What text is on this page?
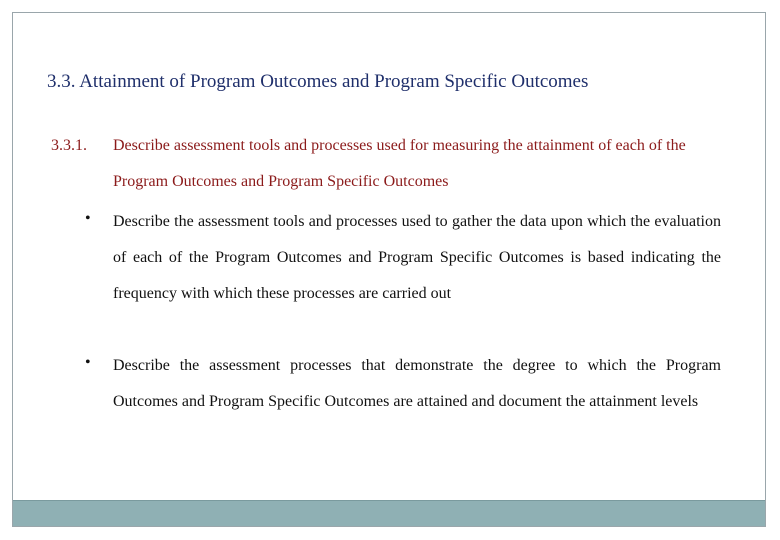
3.3. Attainment of Program Outcomes and Program Specific Outcomes
3.3.1. Describe assessment tools and processes used for measuring the attainment of each of the Program Outcomes and Program Specific Outcomes
• Describe the assessment tools and processes used to gather the data upon which the evaluation of each of the Program Outcomes and Program Specific Outcomes is based indicating the frequency with which these processes are carried out
• Describe the assessment processes that demonstrate the degree to which the Program Outcomes and Program Specific Outcomes are attained and document the attainment levels
